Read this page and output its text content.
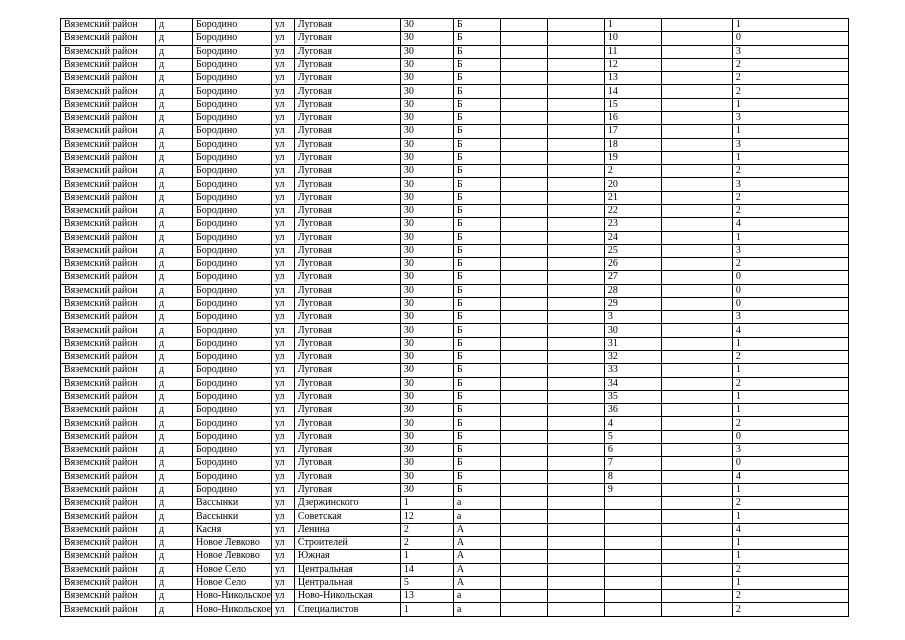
Вяземский район	д	Бородино	ул	Луговая	30	Б			1		1
Вяземский район	д	Бородино	ул	Луговая	30	Б			10		0
Вяземский район	д	Бородино	ул	Луговая	30	Б			11		3
Вяземский район	д	Бородино	ул	Луговая	30	Б			12		2
Вяземский район	д	Бородино	ул	Луговая	30	Б			13		2
Вяземский район	д	Бородино	ул	Луговая	30	Б			14		2
Вяземский район	д	Бородино	ул	Луговая	30	Б			15		1
Вяземский район	д	Бородино	ул	Луговая	30	Б			16		3
Вяземский район	д	Бородино	ул	Луговая	30	Б			17		1
Вяземский район	д	Бородино	ул	Луговая	30	Б			18		3
Вяземский район	д	Бородино	ул	Луговая	30	Б			19		1
Вяземский район	д	Бородино	ул	Луговая	30	Б			2		2
Вяземский район	д	Бородино	ул	Луговая	30	Б			20		3
Вяземский район	д	Бородино	ул	Луговая	30	Б			21		2
Вяземский район	д	Бородино	ул	Луговая	30	Б			22		2
Вяземский район	д	Бородино	ул	Луговая	30	Б			23		4
Вяземский район	д	Бородино	ул	Луговая	30	Б			24		1
Вяземский район	д	Бородино	ул	Луговая	30	Б			25		3
Вяземский район	д	Бородино	ул	Луговая	30	Б			26		2
Вяземский район	д	Бородино	ул	Луговая	30	Б			27		0
Вяземский район	д	Бородино	ул	Луговая	30	Б			28		0
Вяземский район	д	Бородино	ул	Луговая	30	Б			29		0
Вяземский район	д	Бородино	ул	Луговая	30	Б			3		3
Вяземский район	д	Бородино	ул	Луговая	30	Б			30		4
Вяземский район	д	Бородино	ул	Луговая	30	Б			31		1
Вяземский район	д	Бородино	ул	Луговая	30	Б			32		2
Вяземский район	д	Бородино	ул	Луговая	30	Б			33		1
Вяземский район	д	Бородино	ул	Луговая	30	Б			34		2
Вяземский район	д	Бородино	ул	Луговая	30	Б			35		1
Вяземский район	д	Бородино	ул	Луговая	30	Б			36		1
Вяземский район	д	Бородино	ул	Луговая	30	Б			4		2
Вяземский район	д	Бородино	ул	Луговая	30	Б			5		0
Вяземский район	д	Бородино	ул	Луговая	30	Б			6		3
Вяземский район	д	Бородино	ул	Луговая	30	Б			7		0
Вяземский район	д	Бородино	ул	Луговая	30	Б			8		4
Вяземский район	д	Бородино	ул	Луговая	30	Б			9		1
Вяземский район	д	Вассынки	ул	Дзержинского	1	а					2
Вяземский район	д	Вассынки	ул	Советская	12	а					1
Вяземский район	д	Касня	ул	Ленина	2	А					4
Вяземский район	д	Новое Левково	ул	Строителей	2	А					1
Вяземский район	д	Новое Левково	ул	Южная	1	А					1
Вяземский район	д	Новое Село	ул	Центральная	14	А					2
Вяземский район	д	Новое Село	ул	Центральная	5	А					1
Вяземский район	д	Ново-Никольское	ул	Ново-Никольская	13	а					2
Вяземский район	д	Ново-Никольское	ул	Специалистов	1	а					2
